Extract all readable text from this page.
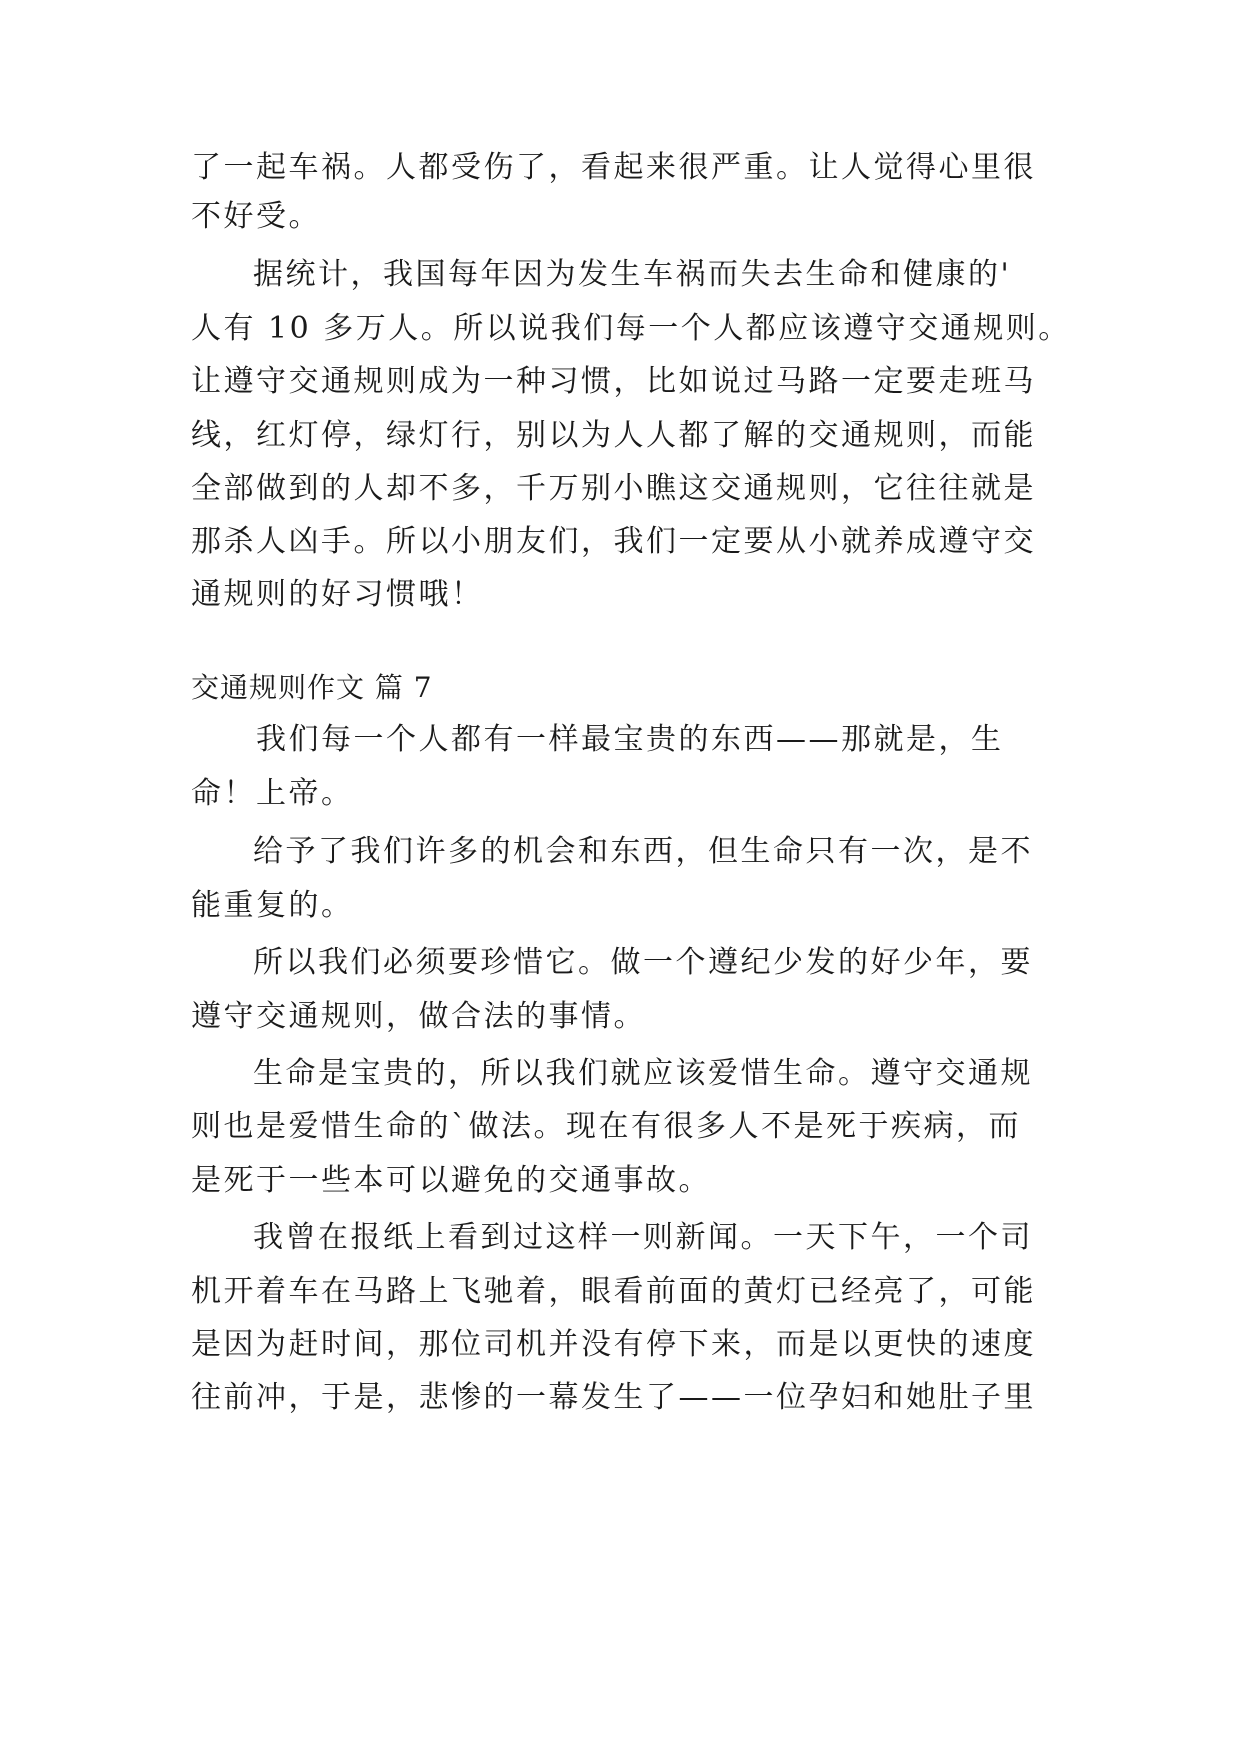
了一起车祸。人都受伤了，看起来很严重。让人觉得心里很
不好受。
据统计，我国每年因为发生车祸而失去生命和健康的'
人有 10 多万人。所以说我们每一个人都应该遵守交通规则。
让遵守交通规则成为一种习惯，比如说过马路一定要走班马
线，红灯停，绿灯行，别以为人人都了解的交通规则，而能
全部做到的人却不多，千万别小瞧这交通规则，它往往就是
那杀人凶手。所以小朋友们，我们一定要从小就养成遵守交
通规则的好习惯哦！
交通规则作文 篇 7
我们每一个人都有一样最宝贵的东西——那就是，生
命！上帝。
给予了我们许多的机会和东西，但生命只有一次，是不
能重复的。
所以我们必须要珍惜它。做一个遵纪少发的好少年，要
遵守交通规则，做合法的事情。
生命是宝贵的，所以我们就应该爱惜生命。遵守交通规
则也是爱惜生命的`做法。现在有很多人不是死于疾病，而
是死于一些本可以避免的交通事故。
我曾在报纸上看到过这样一则新闻。一天下午，一个司
机开着车在马路上飞驰着，眼看前面的黄灯已经亮了，可能
是因为赶时间，那位司机并没有停下来，而是以更快的速度
往前冲，于是，悲惨的一幕发生了——一位孕妇和她肚子里
